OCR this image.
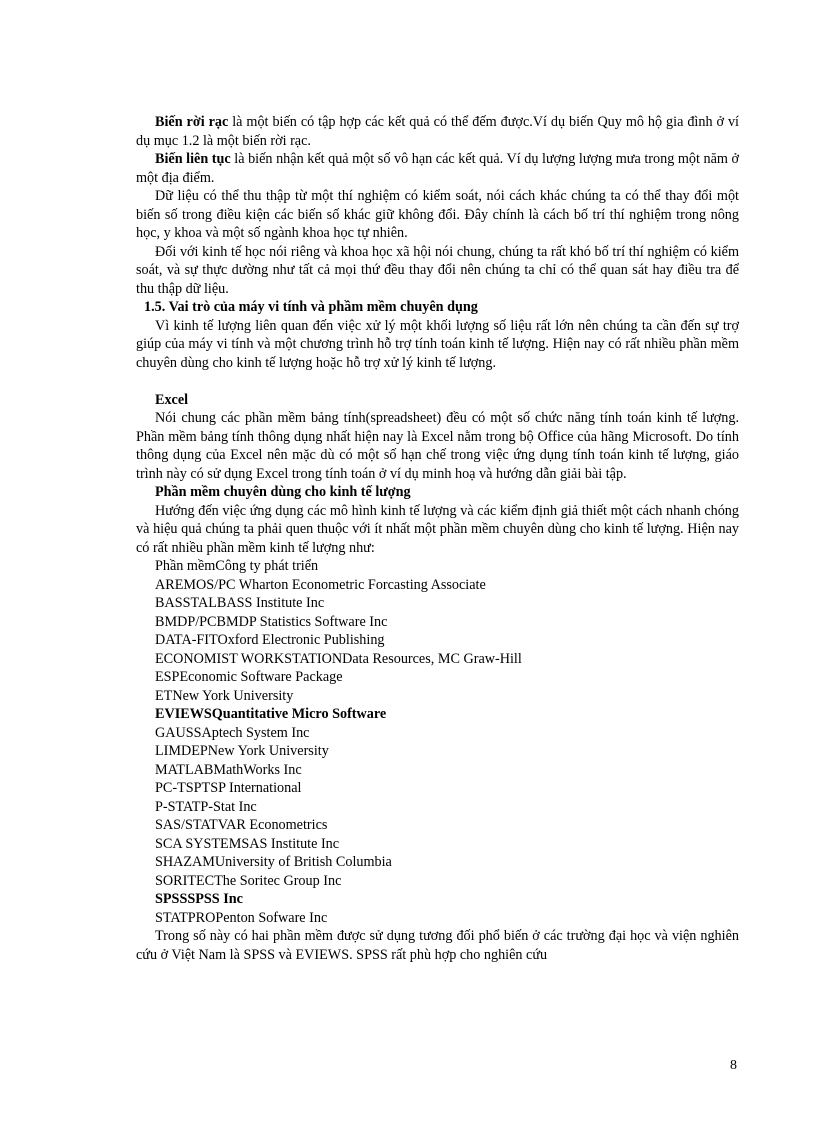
Biến rời rạc là một biến có tập hợp các kết quả có thể đếm được.Ví dụ biến Quy mô hộ gia đình ở ví dụ mục 1.2 là một biến rời rạc.

Biến liên tục là biến nhận kết quả một số vô hạn các kết quả. Ví dụ lượng lượng mưa trong một năm ở một địa điểm.

Dữ liệu có thể thu thập từ một thí nghiệm có kiểm soát, nói cách khác chúng ta có thể thay đổi một biến số trong điều kiện các biến số khác giữ không đổi. Đây chính là cách bố trí thí nghiệm trong nông học, y khoa và một số ngành khoa học tự nhiên.

Đối với kinh tế học nói riêng và khoa học xã hội nói chung, chúng ta rất khó bố trí thí nghiệm có kiểm soát, và sự thực dường như tất cả mọi thứ đều thay đổi nên chúng ta chỉ có thể quan sát hay điều tra để thu thập dữ liệu.

1.5. Vai trò của máy vi tính và phầm mềm chuyên dụng

Vì kinh tế lượng liên quan đến việc xử lý một khối lượng số liệu rất lớn nên chúng ta cần đến sự trợ giúp của máy vi tính và một chương trình hỗ trợ tính toán kinh tế lượng. Hiện nay có rất nhiều phần mềm chuyên dùng cho kinh tế lượng hoặc hỗ trợ xử lý kinh tế lượng.

Excel

Nói chung các phần mềm bảng tính(spreadsheet) đều có một số chức năng tính toán kinh tế lượng. Phần mềm bảng tính thông dụng nhất hiện nay là Excel nằm trong bộ Office của hãng Microsoft. Do tính thông dụng của Excel nên mặc dù có một số hạn chế trong việc ứng dụng tính toán kinh tế lượng, giáo trình này có sử dụng Excel trong tính toán ở ví dụ minh hoạ và hướng dẫn giải bài tập.

Phần mềm chuyên dùng cho kinh tế lượng

Hướng đến việc ứng dụng các mô hình kinh tế lượng và các kiểm định giả thiết một cách nhanh chóng và hiệu quả chúng ta phải quen thuộc với ít nhất một phần mềm chuyên dùng cho kinh tế lượng. Hiện nay có rất nhiều phần mềm kinh tế lượng như:

Phần mềmCông ty phát triển
AREMOS/PC Wharton Econometric Forcasting Associate
BASSTALBASS Institute Inc
BMDP/PCBMDP Statistics Software Inc
DATA-FITOxford Electronic Publishing
ECONOMIST WORKSTATIONData Resources, MC Graw-Hill
ESPEconomic Software Package
ETNew York University
EVIEWSQuantitative Micro Software
GAUSSAptech System Inc
LIMDEPNew York University
MATLABMathWorks Inc
PC-TSPTSP International
P-STATP-Stat Inc
SAS/STATVAR Econometrics
SCA SYSTEMSAS Institute Inc
SHAZAMUniversity of British Columbia
SORITECThe Soritec Group Inc
SPSSSPSS Inc
STATPROPenton Sofware Inc

Trong số này có hai phần mềm được sử dụng tương đối phổ biến ở các trường đại học và viện nghiên cứu ở Việt Nam là SPSS và EVIEWS. SPSS rất phù hợp cho nghiên cứu

8
